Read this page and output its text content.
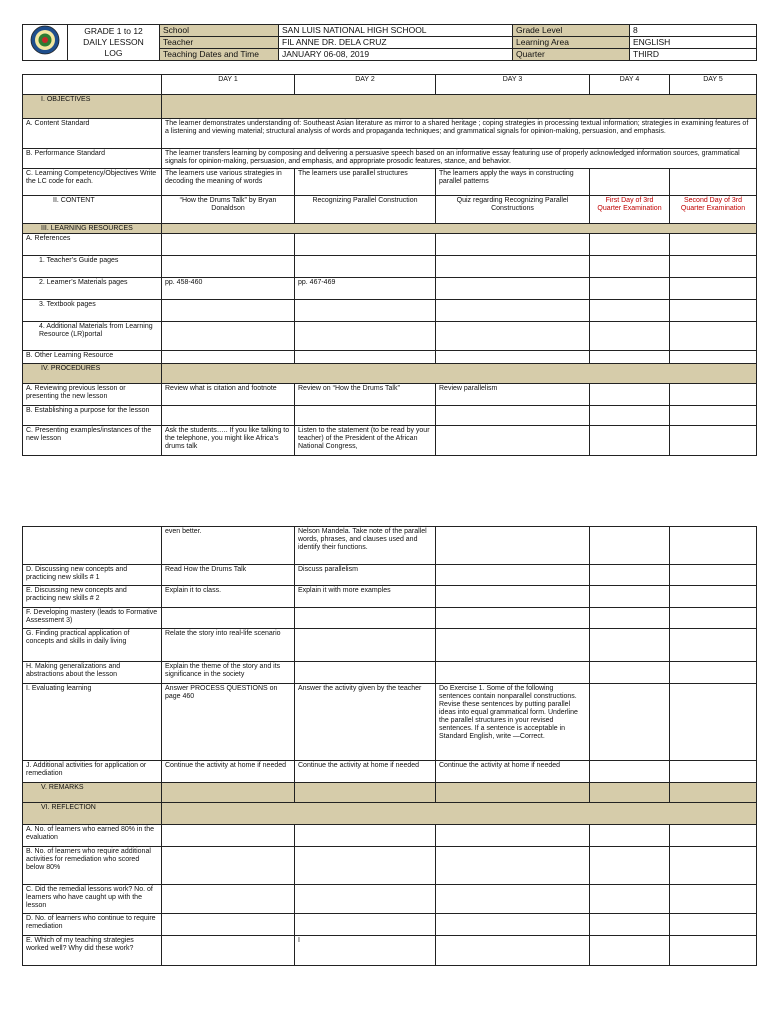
GRADE 1 to 12
DAILY LESSON
LOG	School	SAN LUIS NATIONAL HIGH SCHOOL	Grade Level	8
		Teacher	FIL ANNE DR. DELA CRUZ	Learning Area	ENGLISH
		Teaching Dates and Time	JANUARY 06-08, 2019	Quarter	THIRD
	DAY 1	DAY 2	DAY 3	DAY 4	DAY 5
I. OBJECTIVES					
A. Content Standard	The learner demonstrates understanding of: Southeast Asian literature as mirror to a shared heritage ; coping strategies in processing textual information; strategies in examining features of a listening and viewing material; structural analysis of words and propaganda techniques; and grammatical signals for opinion-making, persuasion, and emphasis.				
B. Performance Standard	The learner transfers learning by composing and delivering a persuasive speech based on an informative essay featuring use of properly acknowledged information sources, grammatical signals for opinion-making, persuasion, and emphasis, and appropriate prosodic features, stance, and behavior.				
C. Learning Competency/Objectives Write the LC code for each.	The learners use various strategies in decoding the meaning of words	The learners use parallel structures	The learners apply the ways in constructing parallel patterns		
II. CONTENT	“How the Drums Talk” by Bryan Donaldson	Recognizing Parallel Construction	Quiz regarding Recognizing Parallel Constructions	First Day of 3rd Quarter Examination	Second Day of 3rd Quarter Examination
III. LEARNING RESOURCES					
A. References					
1. Teacher’s Guide pages					
2. Learner’s Materials pages	pp. 458-460	pp. 467-469			
3. Textbook pages					
4. Additional Materials from Learning Resource (LR)portal					
B. Other Learning Resource					
IV. PROCEDURES					
A. Reviewing previous lesson or presenting the new lesson	Review what is citation and footnote	Review on “How the Drums Talk”	Review parallelism		
B. Establishing a purpose for the lesson					
C. Presenting examples/instances of the new lesson	Ask the students….. If you like talking to the telephone, you might like Africa’s drums talk	Listen to the statement (to be read by your teacher) of the President of the African National Congress,			
	even better.	Nelson Mandela. Take note of the parallel words, phrases, and clauses used and identify their functions.			
D. Discussing new concepts and practicing new skills # 1	Read How the Drums Talk	Discuss parallelism			
E. Discussing new concepts and practicing new skills # 2	Explain it to class.	Explain it with more examples			
F. Developing mastery (leads to Formative Assessment 3)					
G. Finding practical application of concepts and skills in daily living	Relate the story into real-life scenario				
H. Making generalizations and abstractions about the lesson	Explain the theme of the story and its significance in the society				
I. Evaluating learning	Answer PROCESS QUESTIONS on page 460	Answer the activity given by the teacher	Do Exercise 1. Some of the following sentences contain nonparallel constructions. Revise these sentences by putting parallel ideas into equal grammatical form. Underline the parallel structures in your revised sentences. If a sentence is acceptable in Standard English, write —Correct.		
J. Additional activities for application or remediation	Continue the activity at home if needed	Continue the activity at home if needed	Continue the activity at home if needed		
V. REMARKS					
VI. REFLECTION					
A. No. of learners who earned 80% in the evaluation					
B. No. of learners who require additional activities for remediation who scored below 80%					
C. Did the remedial lessons work? No. of learners who have caught up with the lesson					
D. No. of learners who continue to require remediation					
E. Which of my teaching strategies worked well? Why did these work?		I			
